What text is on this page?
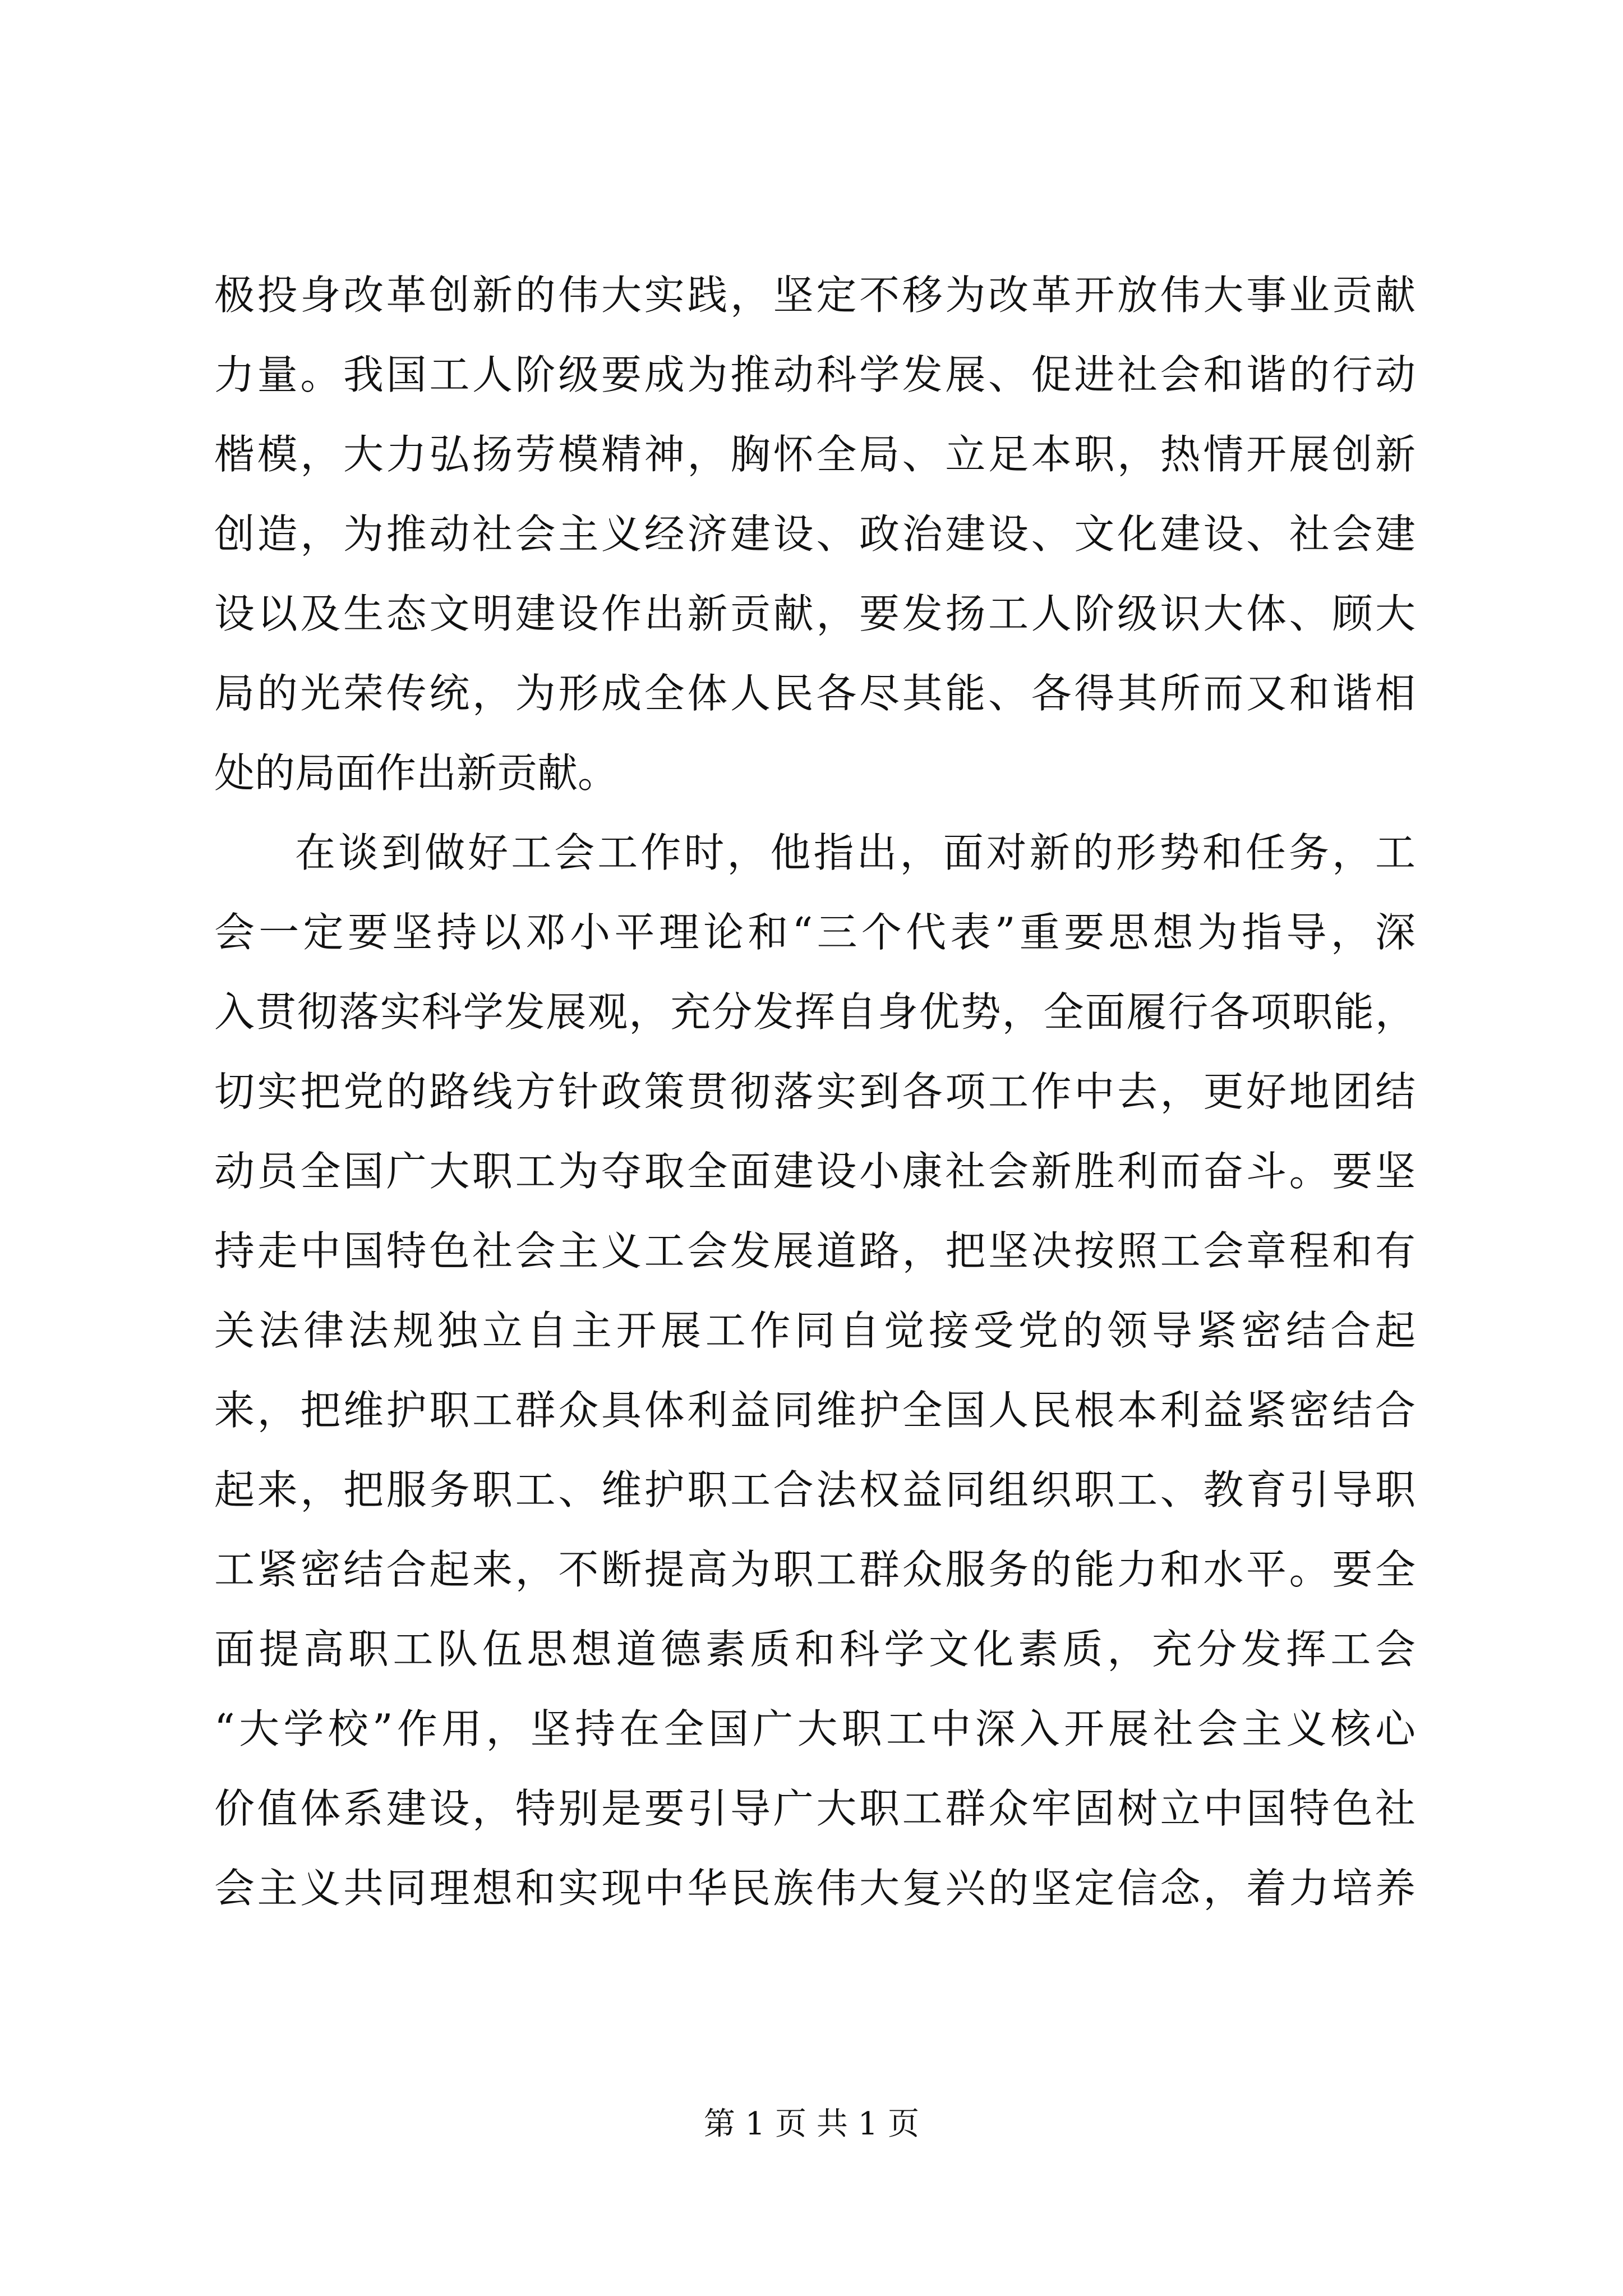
极投身改革创新的伟大实践，坚定不移为改革开放伟大事业贡献
力量。我国工人阶级要成为推动科学发展、促进社会和谐的行动
楷模，大力弘扬劳模精神，胸怀全局、立足本职，热情开展创新
创造，为推动社会主义经济建设、政治建设、文化建设、社会建
设以及生态文明建设作出新贡献，要发扬工人阶级识大体、顾大
局的光荣传统，为形成全体人民各尽其能、各得其所而又和谐相
处的局面作出新贡献。
在谈到做好工会工作时，他指出，面对新的形势和任务，工
会一定要坚持以邓小平理论和“三个代表”重要思想为指导，深
入贯彻落实科学发展观，充分发挥自身优势，全面履行各项职能，
切实把党的路线方针政策贯彻落实到各项工作中去，更好地团结
动员全国广大职工为夺取全面建设小康社会新胜利而奋斗。要坚
持走中国特色社会主义工会发展道路，把坚决按照工会章程和有
关法律法规独立自主开展工作同自觉接受党的领导紧密结合起
来，把维护职工群众具体利益同维护全国人民根本利益紧密结合
起来，把服务职工、维护职工合法权益同组织职工、教育引导职
工紧密结合起来，不断提高为职工群众服务的能力和水平。要全
面提高职工队伍思想道德素质和科学文化素质，充分发挥工会
“大学校”作用，坚持在全国广大职工中深入开展社会主义核心
价值体系建设，特别是要引导广大职工群众牢固树立中国特色社
会主义共同理想和实现中华民族伟大复兴的坚定信念，着力培养
第 1 页 共 1 页
